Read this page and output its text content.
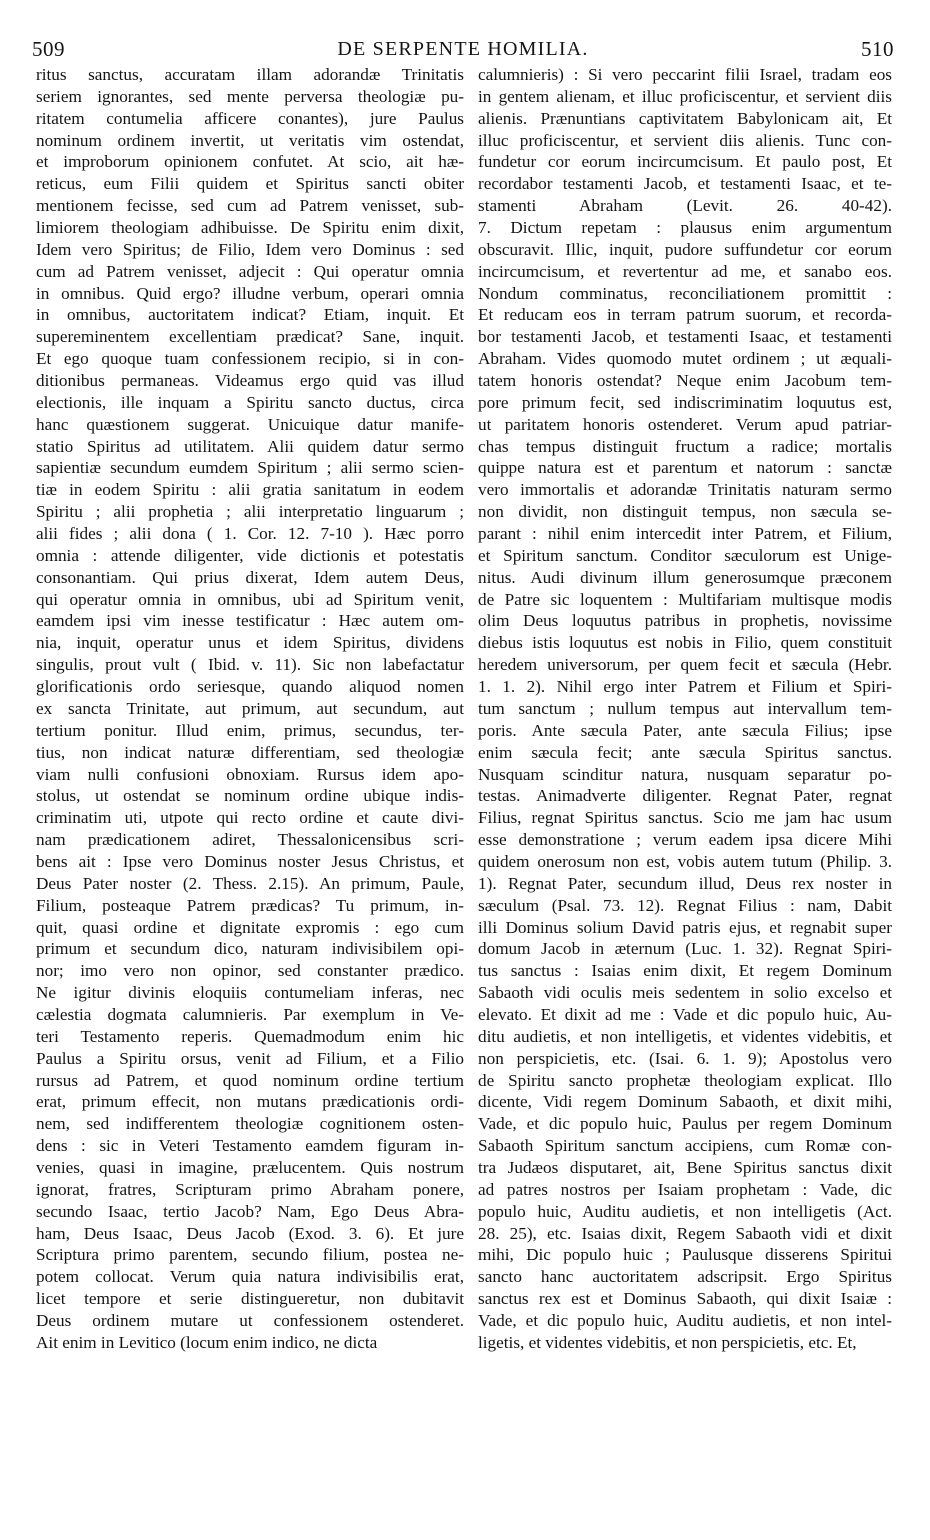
509	DE SERPENTE HOMILIA.	510
ritus sanctus, accuratam illam adorandæ Trinitatis
seriem ignorantes, sed mente perversa theologiæ pu-
ritatem contumelia afficere conantes), jure Paulus
nominum ordinem invertit, ut veritatis vim ostendat,
et improborum opinionem confutet. At scio, ait hæ-
reticus, eum Filii quidem et Spiritus sancti obiter
mentionem fecisse, sed cum ad Patrem venisset, sub-
limiorem theologiam adhibuisse. De Spiritu enim dixit,
Idem vero Spiritus; de Filio, Idem vero Dominus : sed
cum ad Patrem venisset, adjecit : Qui operatur omnia
in omnibus. Quid ergo? illudne verbum, operari omnia
in omnibus, auctoritatem indicat? Etiam, inquit. Et
supereminentem excellentiam prædicat? Sane, inquit.
Et ego quoque tuam confessionem recipio, si in con-
ditionibus permaneas. Videamus ergo quid vas illud
electionis, ille inquam a Spiritu sancto ductus, circa
hanc quæstionem suggerat. Unicuique datur manife-
statio Spiritus ad utilitatem. Alii quidem datur sermo
sapientiæ secundum eumdem Spiritum ; alii sermo scien-
tiæ in eodem Spiritu : alii gratia sanitatum in eodem
Spiritu ; alii prophetia ; alii interpretatio linguarum ;
alii fides ; alii dona ( 1. Cor. 12. 7-10 ). Hæc porro
omnia : attende diligenter, vide dictionis et potestatis
consonantiam. Qui prius dixerat, Idem autem Deus,
qui operatur omnia in omnibus, ubi ad Spiritum venit,
eamdem ipsi vim inesse testificatur : Hæc autem om-
nia, inquit, operatur unus et idem Spiritus, dividens
singulis, prout vult ( Ibid. v. 11). Sic non labefactatur
glorificationis ordo seriesque, quando aliquod nomen
ex sancta Trinitate, aut primum, aut secundum, aut
tertium ponitur. Illud enim, primus, secundus, ter-
tius, non indicat naturæ differentiam, sed theologiæ
viam nulli confusioni obnoxiam. Rursus idem apo-
stolus, ut ostendat se nominum ordine ubique indis-
criminatim uti, utpote qui recto ordine et caute divi-
nam prædicationem adiret, Thessalonicensibus scri-
bens ait : Ipse vero Dominus noster Jesus Christus, et
Deus Pater noster (2. Thess. 2.15). An primum, Paule,
Filium, posteaque Patrem prædicas? Tu primum, in-
quit, quasi ordine et dignitate expromis : ego cum
primum et secundum dico, naturam indivisibilem opi-
nor; imo vero non opinor, sed constanter prædico.
Ne igitur divinis eloquiis contumeliam inferas, nec
cælestia dogmata calumnieris. Par exemplum in Ve-
teri Testamento reperis. Quemadmodum enim hic
Paulus a Spiritu orsus, venit ad Filium, et a Filio
rursus ad Patrem, et quod nominum ordine tertium
erat, primum effecit, non mutans prædicationis ordi-
nem, sed indifferentem theologiæ cognitionem osten-
dens : sic in Veteri Testamento eamdem figuram in-
venies, quasi in imagine, prælucentem. Quis nostrum
ignorat, fratres, Scripturam primo Abraham ponere,
secundo Isaac, tertio Jacob? Nam, Ego Deus Abra-
ham, Deus Isaac, Deus Jacob (Exod. 3. 6). Et jure
Scriptura primo parentem, secundo filium, postea ne-
potem collocat. Verum quia natura indivisibilis erat,
licet tempore et serie distingueretur, non dubitavit
Deus ordinem mutare ut confessionem ostenderet.
Ait enim in Levitico (locum enim indico, ne dicta
calumnieris) : Si vero peccarint filii Israel, tradam eos
in gentem alienam, et illuc proficiscentur, et servient diis
alienis. Prænuntians captivitatem Babylonicam ait, Et
illuc proficiscentur, et servient diis alienis. Tunc con-
fundetur cor eorum incircumcisum. Et paulo post, Et
recordabor testamenti Jacob, et testamenti Isaac, et te-
stamenti Abraham (Levit. 26. 40-42).
7. Dictum repetam : plausus enim argumentum
obscuravit. Illic, inquit, pudore suffundetur cor eorum
incircumcisum, et revertentur ad me, et sanabo eos.
Nondum comminatus, reconciliationem promittit :
Et reducam eos in terram patrum suorum, et recorda-
bor testamenti Jacob, et testamenti Isaac, et testamenti
Abraham. Vides quomodo mutet ordinem ; ut æquali-
tatem honoris ostendat? Neque enim Jacobum tem-
pore primum fecit, sed indiscriminatim loquutus est,
ut paritatem honoris ostenderet. Verum apud patriar-
chas tempus distinguit fructum a radice; mortalis
quippe natura est et parentum et natorum : sanctæ
vero immortalis et adorandæ Trinitatis naturam sermo
non dividit, non distinguit tempus, non sæcula se-
parant : nihil enim intercedit inter Patrem, et Filium,
et Spiritum sanctum. Conditor sæculorum est Unige-
nitus. Audi divinum illum generosumque præconem
de Patre sic loquentem : Multifariam multisque modis
olim Deus loquutus patribus in prophetis, novissime
diebus istis loquutus est nobis in Filio, quem constituit
heredem universorum, per quem fecit et sæcula (Hebr.
1. 1. 2). Nihil ergo inter Patrem et Filium et Spiri-
tum sanctum ; nullum tempus aut intervallum tem-
poris. Ante sæcula Pater, ante sæcula Filius; ipse
enim sæcula fecit; ante sæcula Spiritus sanctus.
Nusquam scinditur natura, nusquam separatur po-
testas. Animadverte diligenter. Regnat Pater, regnat
Filius, regnat Spiritus sanctus. Scio me jam hac usum
esse demonstratione ; verum eadem ipsa dicere Mihi
quidem onerosum non est, vobis autem tutum (Philip. 3.
1). Regnat Pater, secundum illud, Deus rex noster in
sæculum (Psal. 73. 12). Regnat Filius : nam, Dabit
illi Dominus solium David patris ejus, et regnabit super
domum Jacob in æternum (Luc. 1. 32). Regnat Spiri-
tus sanctus : Isaias enim dixit, Et regem Dominum
Sabaoth vidi oculis meis sedentem in solio excelso et
elevato. Et dixit ad me : Vade et dic populo huic, Au-
ditu audietis, et non intelligetis, et videntes videbitis, et
non perspicietis, etc. (Isai. 6. 1. 9); Apostolus vero
de Spiritu sancto prophetæ theologiam explicat. Illo
dicente, Vidi regem Dominum Sabaoth, et dixit mihi,
Vade, et dic populo huic, Paulus per regem Dominum
Sabaoth Spiritum sanctum accipiens, cum Romæ con-
tra Judæos disputaret, ait, Bene Spiritus sanctus dixit
ad patres nostros per Isaiam prophetam : Vade, dic
populo huic, Auditu audietis, et non intelligetis (Act.
28. 25), etc. Isaias dixit, Regem Sabaoth vidi et dixit
mihi, Dic populo huic ; Paulusque disserens Spiritui
sancto hanc auctoritatem adscripsit. Ergo Spiritus
sanctus rex est et Dominus Sabaoth, qui dixit Isaiæ :
Vade, et dic populo huic, Auditu audietis, et non intel-
ligetis, et videntes videbitis, et non perspicietis, etc. Et,
